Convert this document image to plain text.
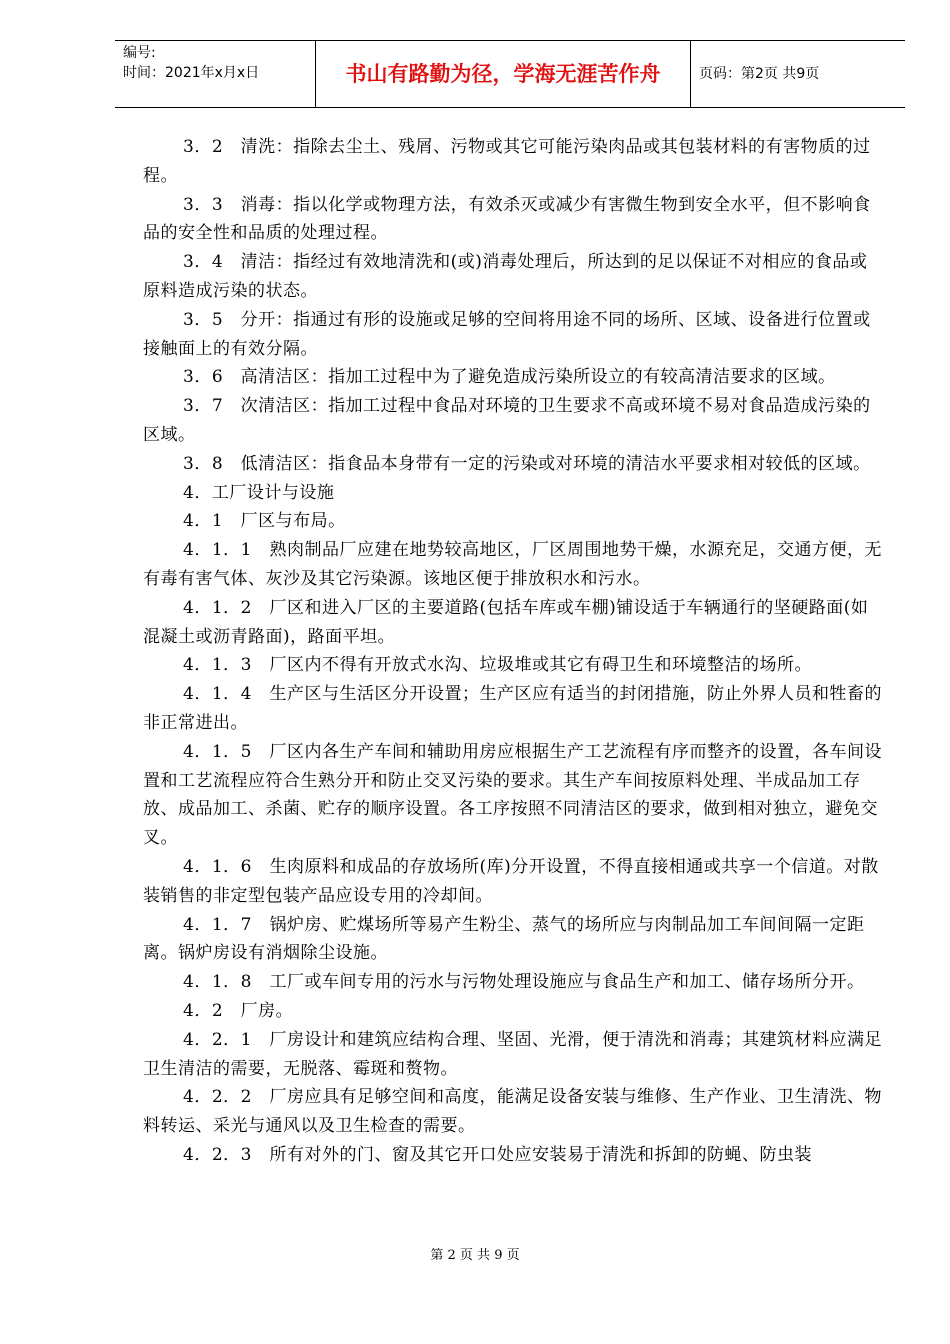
编号:
时间：2021年x月x日	书山有路勤为径，学海无涯苦作舟	页码：第2页 共9页

3．2　清洗：指除去尘土、残屑、污物或其它可能污染肉品或其包装材料的有害物质的过程。

3．3　消毒：指以化学或物理方法，有效杀灭或减少有害微生物到安全水平，但不影响食品的安全性和品质的处理过程。

3．4　清洁：指经过有效地清洗和(或)消毒处理后，所达到的足以保证不对相应的食品或原料造成污染的状态。

3．5　分开：指通过有形的设施或足够的空间将用途不同的场所、区域、设备进行位置或接触面上的有效分隔。

3．6　高清洁区：指加工过程中为了避免造成污染所设立的有较高清洁要求的区域。

3．7　次清洁区：指加工过程中食品对环境的卫生要求不高或环境不易对食品造成污染的区域。

3．8　低清洁区：指食品本身带有一定的污染或对环境的清洁水平要求相对较低的区域。

4．工厂设计与设施

4．1　厂区与布局。

4．1．1　熟肉制品厂应建在地势较高地区，厂区周围地势干燥，水源充足，交通方便，无有毒有害气体、灰沙及其它污染源。该地区便于排放积水和污水。

4．1．2　厂区和进入厂区的主要道路(包括车库或车棚)铺设适于车辆通行的坚硬路面(如混凝土或沥青路面)，路面平坦。

4．1．3　厂区内不得有开放式水沟、垃圾堆或其它有碍卫生和环境整洁的场所。

4．1．4　生产区与生活区分开设置；生产区应有适当的封闭措施，防止外界人员和牲畜的非正常进出。

4．1．5　厂区内各生产车间和辅助用房应根据生产工艺流程有序而整齐的设置，各车间设置和工艺流程应符合生熟分开和防止交叉污染的要求。其生产车间按原料处理、半成品加工存放、成品加工、杀菌、贮存的顺序设置。各工序按照不同清洁区的要求，做到相对独立，避免交叉。

4．1．6　生肉原料和成品的存放场所(库)分开设置，不得直接相通或共享一个信道。对散装销售的非定型包装产品应设专用的冷却间。

4．1．7　锅炉房、贮煤场所等易产生粉尘、蒸气的场所应与肉制品加工车间间隔一定距离。锅炉房设有消烟除尘设施。

4．1．8　工厂或车间专用的污水与污物处理设施应与食品生产和加工、储存场所分开。

4．2　厂房。

4．2．1　厂房设计和建筑应结构合理、坚固、光滑，便于清洗和消毒；其建筑材料应满足卫生清洁的需要，无脱落、霉斑和赘物。

4．2．2　厂房应具有足够空间和高度，能满足设备安装与维修、生产作业、卫生清洗、物料转运、采光与通风以及卫生检查的需要。

4．2．3　所有对外的门、窗及其它开口处应安装易于清洗和拆卸的防蝇、防虫装

第 2 页 共 9 页
